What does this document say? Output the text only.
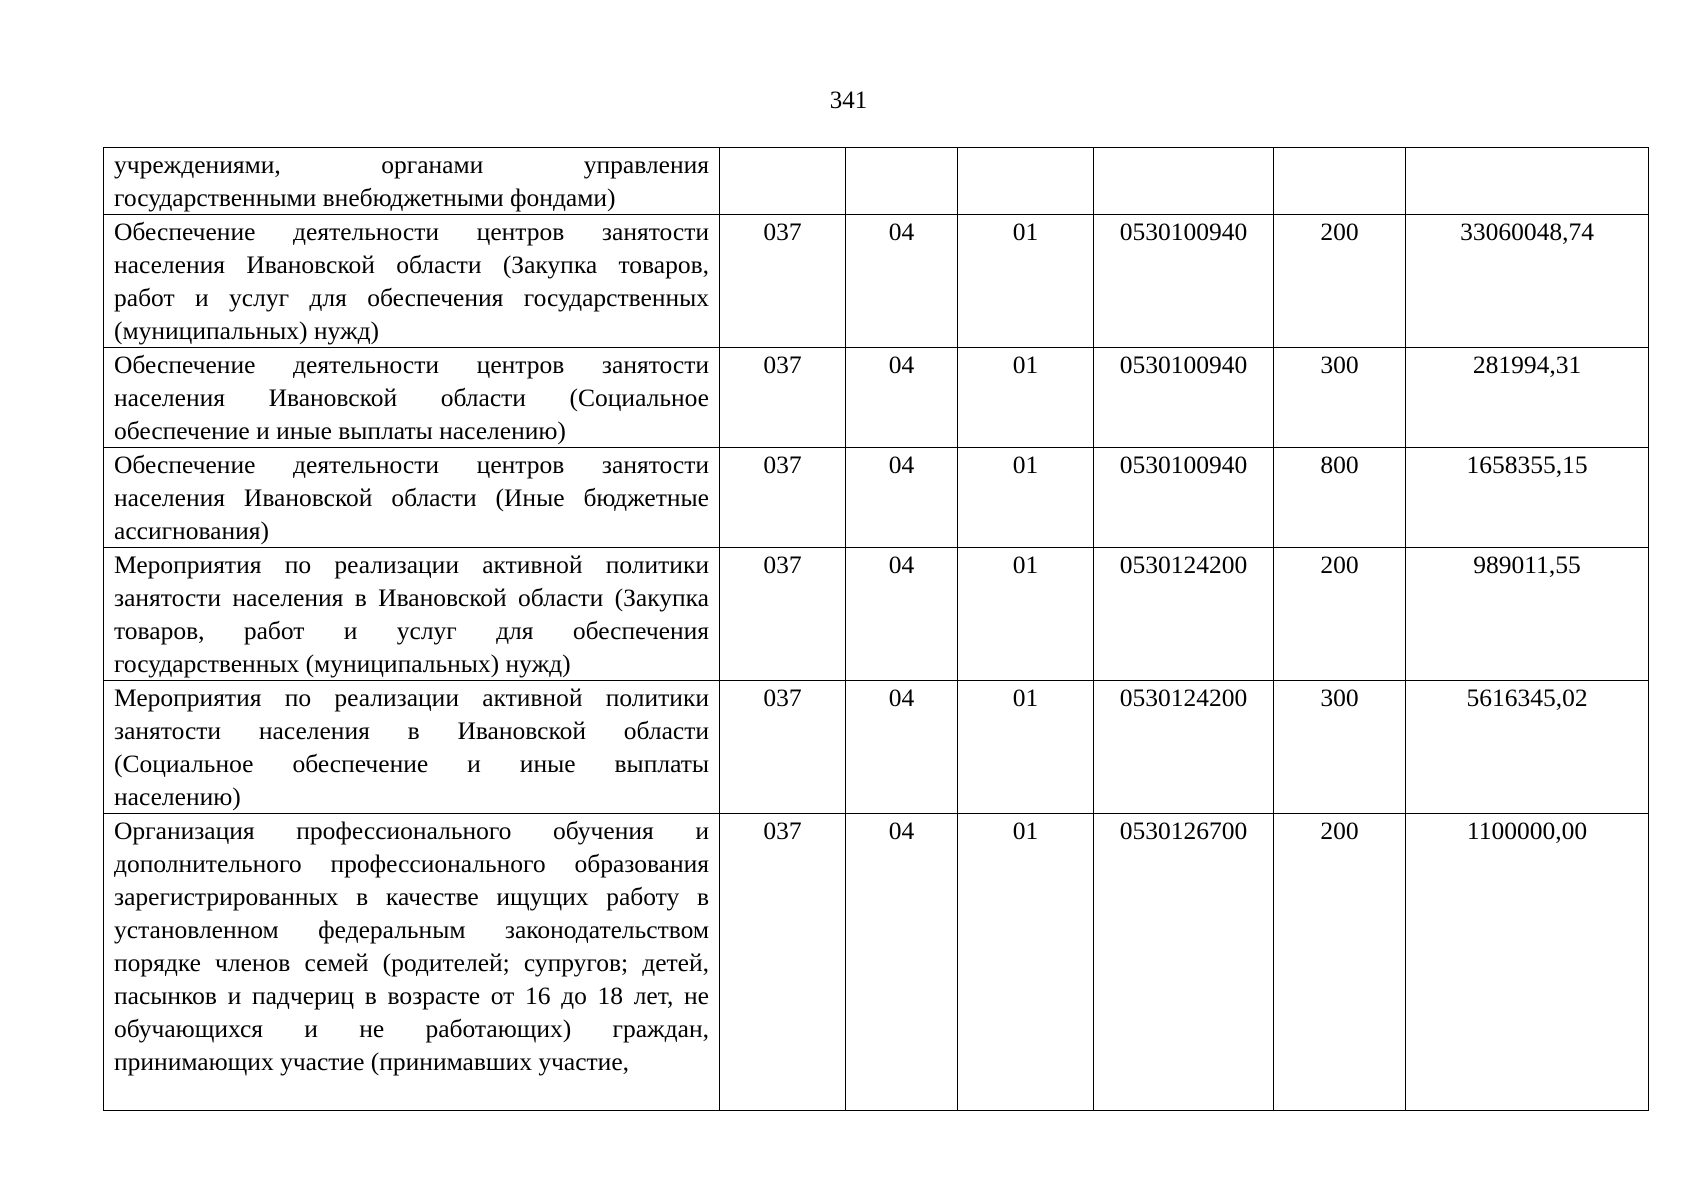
341
учреждениями, органами управления государственными внебюджетными фондами)						
Обеспечение деятельности центров занятости населения Ивановской области (Закупка товаров, работ и услуг для обеспечения государственных (муниципальных) нужд)	037	04	01	0530100940	200	33060048,74
Обеспечение деятельности центров занятости населения Ивановской области (Социальное обеспечение и иные выплаты населению)	037	04	01	0530100940	300	281994,31
Обеспечение деятельности центров занятости населения Ивановской области (Иные бюджетные ассигнования)	037	04	01	0530100940	800	1658355,15
Мероприятия по реализации активной политики занятости населения в Ивановской области (Закупка товаров, работ и услуг для обеспечения государственных (муниципальных) нужд)	037	04	01	0530124200	200	989011,55
Мероприятия по реализации активной политики занятости населения в Ивановской области (Социальное обеспечение и иные выплаты населению)	037	04	01	0530124200	300	5616345,02
Организация профессионального обучения и дополнительного профессионального образования зарегистрированных в качестве ищущих работу в установленном федеральным законодательством порядке членов семей (родителей; супругов; детей, пасынков и падчериц в возрасте от 16 до 18 лет, не обучающихся и не работающих) граждан, принимающих участие (принимавших участие,	037	04	01	0530126700	200	1100000,00
